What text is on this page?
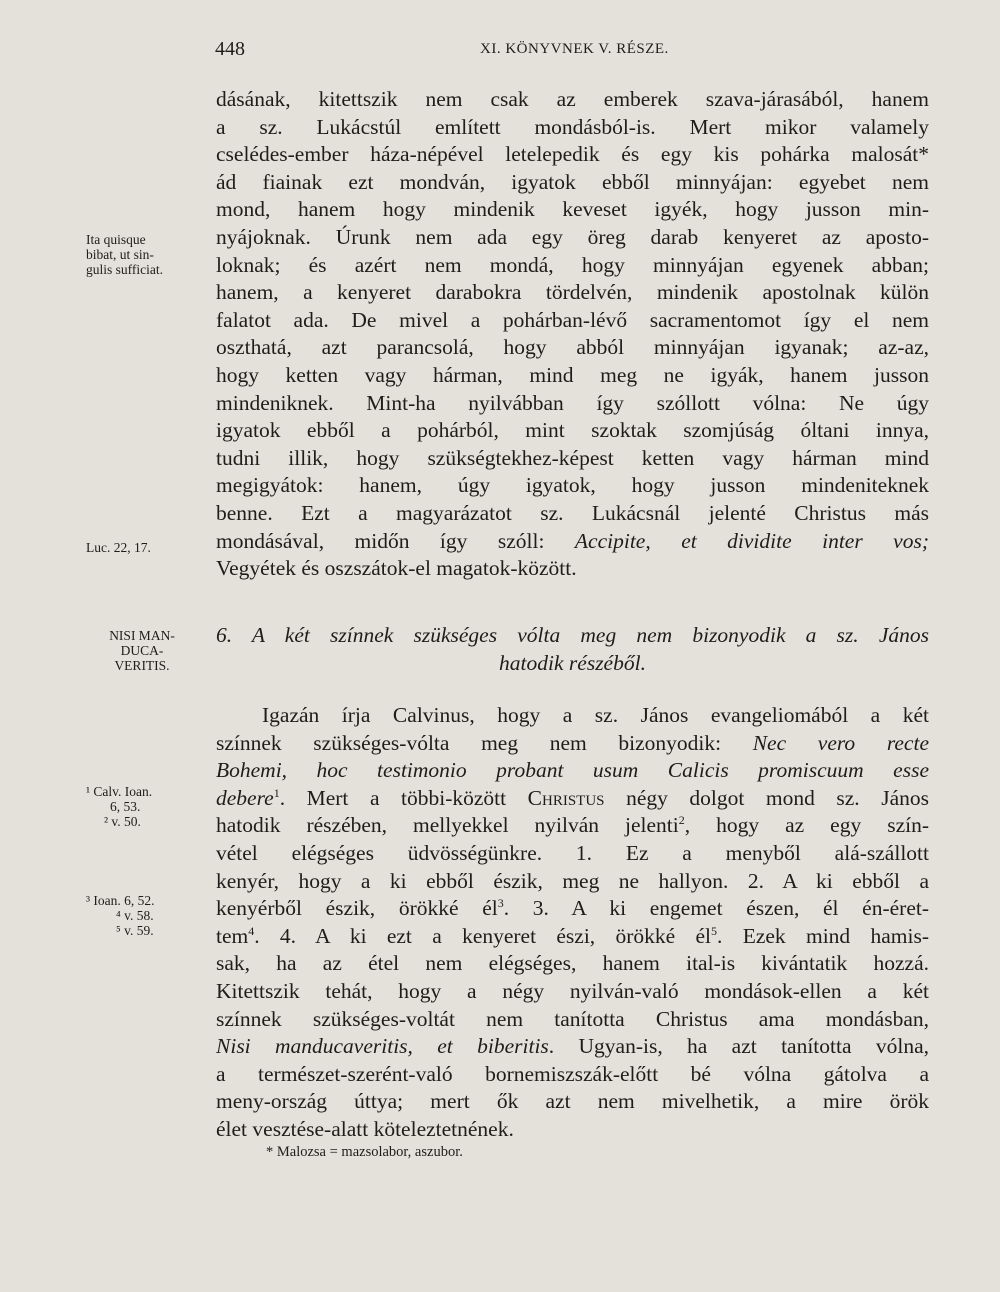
448	XI. KÖNYVNEK V. RÉSZE.
dásának, kitettszik nem csak az emberek szava-járasából, hanem
a sz. Lukácstúl említett mondásból-is. Mert mikor valamely
cselédes-ember háza-népével letelepedik és egy kis pohárka malosát*
ád fiainak ezt mondván, igyatok ebből minnyájan: egyebet nem
mond, hanem hogy mindenik keveset igyék, hogy jusson min-
nyájoknak. Úrunk nem ada egy öreg darab kenyeret az aposto-
loknak; és azért nem mondá, hogy minnyájan egyenek abban;
hanem, a kenyeret darabokra tördelvén, mindenik apostolnak külön
falatot ada. De mivel a pohárban-lévő sacramentomot így el nem
oszthatá, azt parancsolá, hogy abból minnyájan igyanak; az-az,
hogy ketten vagy hárman, mind meg ne igyák, hanem jusson
mindeniknek. Mint-ha nyilvábban így szóllott vólna: Ne úgy
igyatok ebből a pohárból, mint szoktak szomjúság óltani innya,
tudni illik, hogy szükségtekhez-képest ketten vagy hárman mind
megigyátok: hanem, úgy igyatok, hogy jusson mindeniteknek
benne. Ezt a magyarázatot sz. Lukácsnál jelenté Christus más
mondásával, midőn így szóll: Accipite, et dividite inter vos;
Vegyétek és oszszátok-el magatok-között.
6. A két színnek szükséges vólta meg nem bizonyodik a sz. János
hatodik részéből.
Igazán írja Calvinus, hogy a sz. János evangeliomából a két
színnek szükséges-vólta meg nem bizonyodik: Nec vero recte
Bohemi, hoc testimonio probant usum Calicis promiscuum esse
debere$^1$. Mert a többi-között Christus négy dolgot mond sz. János
hatodik részében, mellyekkel nyilván jelenti$^2$, hogy az egy szín-
vétel elégséges üdvösségünkre. 1. Ez a menyből alá-szállott
kenyér, hogy a ki ebből észik, meg ne hallyon. 2. A ki ebből a
kenyérből észik, örökké $él^3$. 3. A ki engemet észen, él én-éret-
tem$^4$. 4. A ki ezt a kenyeret észi, örökké $él^5$. Ezek mind hamis-
sak, ha az étel nem elégséges, hanem ital-is kivántatik hozzá.
Kitettszik tehát, hogy a négy nyilván-való mondások-ellen a két
színnek szükséges-voltát nem tanította Christus ama mondásban,
Nisi manducaveritis, et biberitis. Ugyan-is, ha azt tanította vólna,
a természet-szerént-való bornemiszszák-előtt bé vólna gátolva a
meny-ország úttya; mert ők azt nem mivelhetik, a mire örök
élet vesztése-alatt köteleztetnének.
Ita quisque
bibat, ut sin-
gulis sufficiat.
Luc. 22, 17.
NISI MAN-
DUCA-
VERITIS.
¹ Calv. Ioan.
6, 53.
² v. 50.
³ Ioan. 6, 52.
⁴ v. 58.
⁵ v. 59.
* Malozsa = mazsolabor, aszubor.
